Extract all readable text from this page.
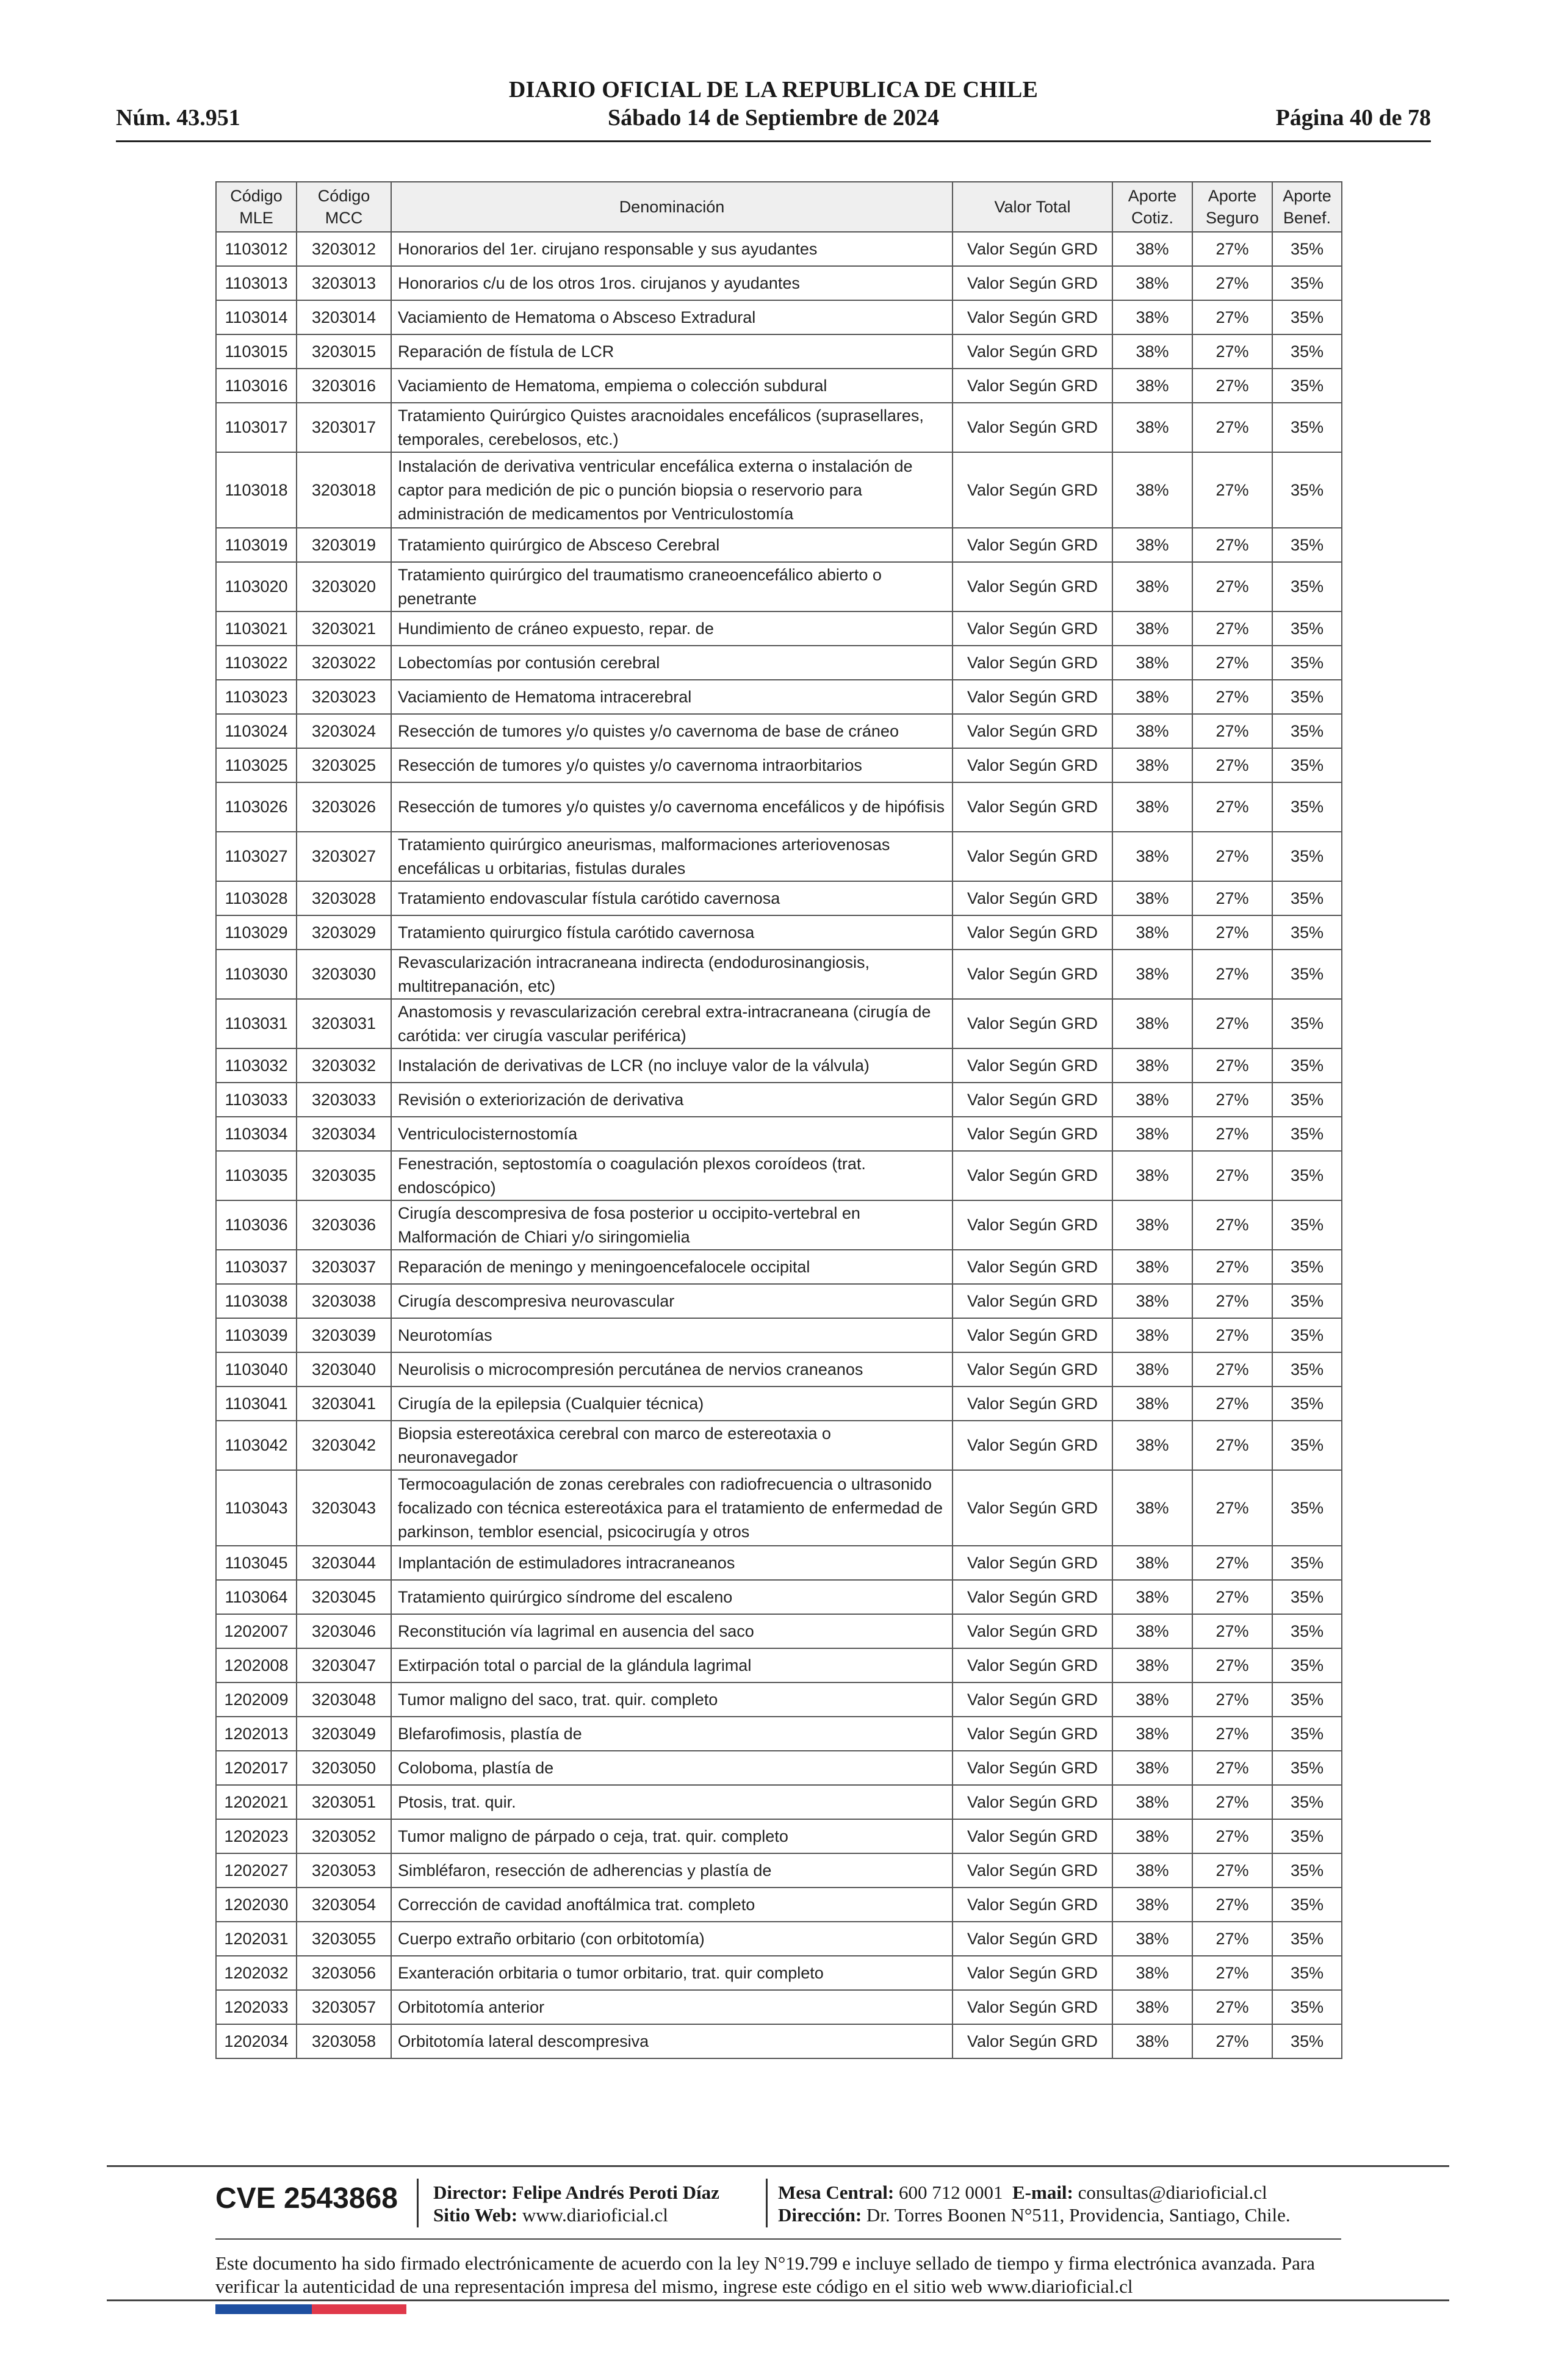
DIARIO OFICIAL DE LA REPUBLICA DE CHILE
Núm. 43.951	Sábado 14 de Septiembre de 2024	Página 40 de 78
Código MLE	Código MCC	Denominación	Valor Total	Aporte Cotiz.	Aporte Seguro	Aporte Benef.
1103012	3203012	Honorarios del 1er. cirujano responsable y sus ayudantes	Valor Según GRD	38%	27%	35%
1103013	3203013	Honorarios c/u de los otros 1ros. cirujanos y ayudantes	Valor Según GRD	38%	27%	35%
1103014	3203014	Vaciamiento de Hematoma o Absceso Extradural	Valor Según GRD	38%	27%	35%
1103015	3203015	Reparación de fístula de LCR	Valor Según GRD	38%	27%	35%
1103016	3203016	Vaciamiento de Hematoma, empiema o colección subdural	Valor Según GRD	38%	27%	35%
1103017	3203017	Tratamiento Quirúrgico Quistes aracnoidales encefálicos (suprasellares, temporales, cerebelosos, etc.)	Valor Según GRD	38%	27%	35%
1103018	3203018	Instalación de derivativa ventricular encefálica externa o instalación de captor para medición de pic o punción biopsia o reservorio para administración de medicamentos por Ventriculostomía	Valor Según GRD	38%	27%	35%
1103019	3203019	Tratamiento quirúrgico de Absceso Cerebral	Valor Según GRD	38%	27%	35%
1103020	3203020	Tratamiento quirúrgico del traumatismo craneoencefálico abierto o penetrante	Valor Según GRD	38%	27%	35%
1103021	3203021	Hundimiento de cráneo expuesto, repar. de	Valor Según GRD	38%	27%	35%
1103022	3203022	Lobectomías por contusión cerebral	Valor Según GRD	38%	27%	35%
1103023	3203023	Vaciamiento de Hematoma intracerebral	Valor Según GRD	38%	27%	35%
1103024	3203024	Resección de tumores y/o quistes y/o cavernoma de base de cráneo	Valor Según GRD	38%	27%	35%
1103025	3203025	Resección de tumores y/o quistes y/o cavernoma intraorbitarios	Valor Según GRD	38%	27%	35%
1103026	3203026	Resección de tumores y/o quistes y/o cavernoma encefálicos y de hipófisis	Valor Según GRD	38%	27%	35%
1103027	3203027	Tratamiento quirúrgico aneurismas, malformaciones arteriovenosas encefálicas u orbitarias, fistulas durales	Valor Según GRD	38%	27%	35%
1103028	3203028	Tratamiento endovascular fístula carótido cavernosa	Valor Según GRD	38%	27%	35%
1103029	3203029	Tratamiento quirurgico fístula carótido cavernosa	Valor Según GRD	38%	27%	35%
1103030	3203030	Revascularización intracraneana indirecta (endodurosinangiosis, multitrepanación, etc)	Valor Según GRD	38%	27%	35%
1103031	3203031	Anastomosis y revascularización cerebral extra-intracraneana (cirugía de carótida: ver cirugía vascular periférica)	Valor Según GRD	38%	27%	35%
1103032	3203032	Instalación de derivativas de LCR (no incluye valor de la válvula)	Valor Según GRD	38%	27%	35%
1103033	3203033	Revisión o exteriorización de derivativa	Valor Según GRD	38%	27%	35%
1103034	3203034	Ventriculocisternostomía	Valor Según GRD	38%	27%	35%
1103035	3203035	Fenestración, septostomía o coagulación plexos coroídeos (trat. endoscópico)	Valor Según GRD	38%	27%	35%
1103036	3203036	Cirugía descompresiva de fosa posterior u occipito-vertebral en Malformación de Chiari y/o siringomielia	Valor Según GRD	38%	27%	35%
1103037	3203037	Reparación de meningo y meningoencefalocele occipital	Valor Según GRD	38%	27%	35%
1103038	3203038	Cirugía descompresiva neurovascular	Valor Según GRD	38%	27%	35%
1103039	3203039	Neurotomías	Valor Según GRD	38%	27%	35%
1103040	3203040	Neurolisis o microcompresión percutánea de nervios craneanos	Valor Según GRD	38%	27%	35%
1103041	3203041	Cirugía de la epilepsia (Cualquier técnica)	Valor Según GRD	38%	27%	35%
1103042	3203042	Biopsia estereotáxica cerebral con marco de estereotaxia o neuronavegador	Valor Según GRD	38%	27%	35%
1103043	3203043	Termocoagulación de zonas cerebrales con radiofrecuencia o ultrasonido focalizado con técnica estereotáxica para el tratamiento de enfermedad de parkinson, temblor esencial, psicocirugía y otros	Valor Según GRD	38%	27%	35%
1103045	3203044	Implantación de estimuladores intracraneanos	Valor Según GRD	38%	27%	35%
1103064	3203045	Tratamiento quirúrgico síndrome del escaleno	Valor Según GRD	38%	27%	35%
1202007	3203046	Reconstitución vía lagrimal en ausencia del saco	Valor Según GRD	38%	27%	35%
1202008	3203047	Extirpación total o parcial de la glándula lagrimal	Valor Según GRD	38%	27%	35%
1202009	3203048	Tumor maligno del saco, trat. quir. completo	Valor Según GRD	38%	27%	35%
1202013	3203049	Blefarofimosis, plastía de	Valor Según GRD	38%	27%	35%
1202017	3203050	Coloboma, plastía de	Valor Según GRD	38%	27%	35%
1202021	3203051	Ptosis, trat. quir.	Valor Según GRD	38%	27%	35%
1202023	3203052	Tumor maligno de párpado o ceja, trat. quir. completo	Valor Según GRD	38%	27%	35%
1202027	3203053	Simbléfaron, resección de adherencias y plastía de	Valor Según GRD	38%	27%	35%
1202030	3203054	Corrección de cavidad anoftálmica trat. completo	Valor Según GRD	38%	27%	35%
1202031	3203055	Cuerpo extraño orbitario (con orbitotomía)	Valor Según GRD	38%	27%	35%
1202032	3203056	Exanteración orbitaria o tumor orbitario, trat. quir completo	Valor Según GRD	38%	27%	35%
1202033	3203057	Orbitotomía anterior	Valor Según GRD	38%	27%	35%
1202034	3203058	Orbitotomía lateral descompresiva	Valor Según GRD	38%	27%	35%
CVE 2543868 Director: Felipe Andrés Peroti Díaz
Sitio Web: www.diarioficial.cl
Mesa Central: 600 712 0001 E-mail: consultas@diarioficial.cl
Dirección: Dr. Torres Boonen N°511, Providencia, Santiago, Chile.
Este documento ha sido firmado electrónicamente de acuerdo con la ley N°19.799 e incluye sellado de tiempo y firma electrónica avanzada. Para verificar la autenticidad de una representación impresa del mismo, ingrese este código en el sitio web www.diarioficial.cl
